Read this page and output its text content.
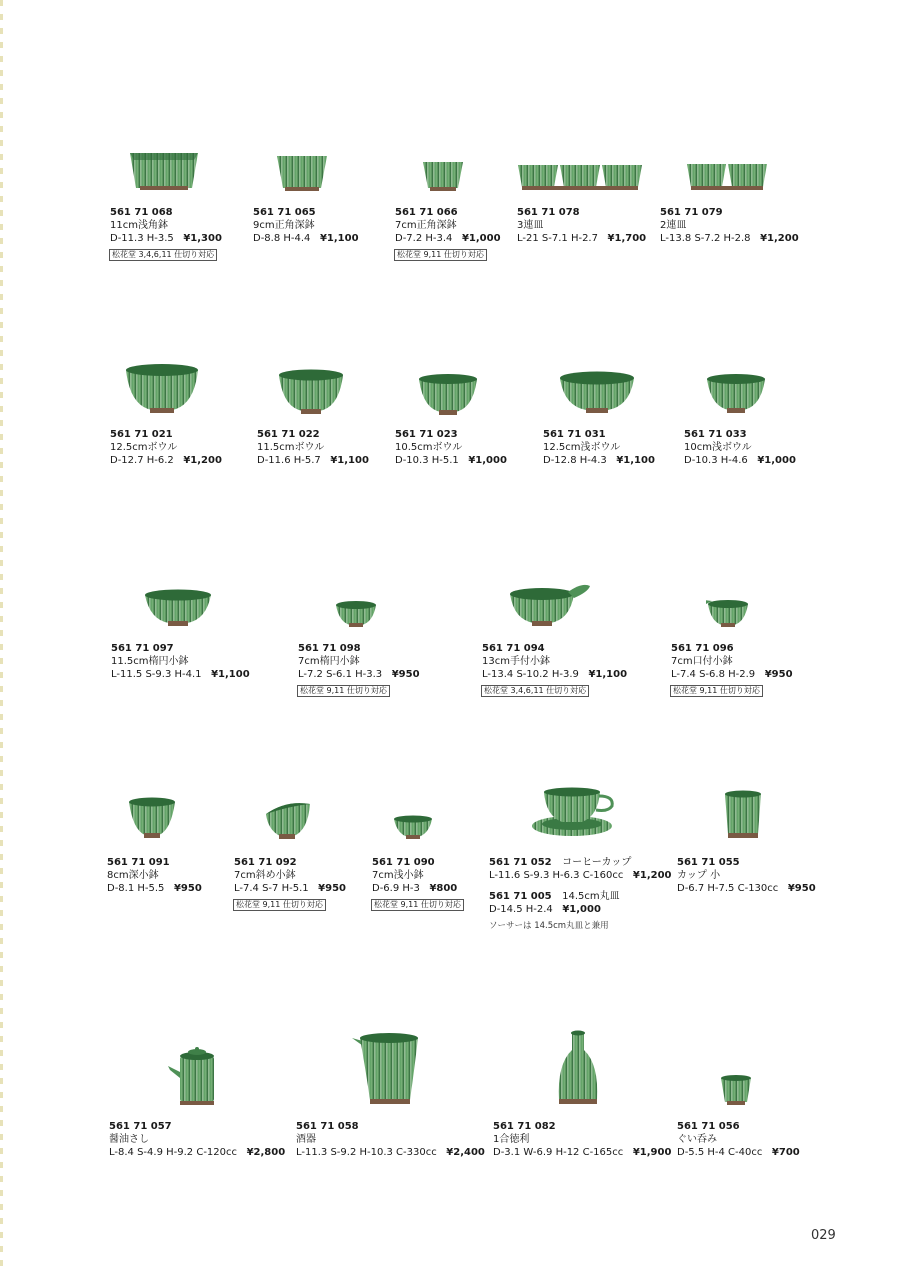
561 71 068
11cm浅角鉢
D-11.3 H-3.5 ¥1,300
松花堂 3,4,6,11 仕切り対応
561 71 065
9cm正角深鉢
D-8.8 H-4.4 ¥1,100
561 71 066
7cm正角深鉢
D-7.2 H-3.4 ¥1,000
松花堂 9,11 仕切り対応
561 71 078
3連皿
L-21 S-7.1 H-2.7 ¥1,700
561 71 079
2連皿
L-13.8 S-7.2 H-2.8 ¥1,200
561 71 021
12.5cmボウル
D-12.7 H-6.2 ¥1,200
561 71 022
11.5cmボウル
D-11.6 H-5.7 ¥1,100
561 71 023
10.5cmボウル
D-10.3 H-5.1 ¥1,000
561 71 031
12.5cm浅ボウル
D-12.8 H-4.3 ¥1,100
561 71 033
10cm浅ボウル
D-10.3 H-4.6 ¥1,000
561 71 097
11.5cm楕円小鉢
L-11.5 S-9.3 H-4.1 ¥1,100
561 71 098
7cm楕円小鉢
L-7.2 S-6.1 H-3.3 ¥950
松花堂 9,11 仕切り対応
561 71 094
13cm手付小鉢
L-13.4 S-10.2 H-3.9 ¥1,100
松花堂 3,4,6,11 仕切り対応
561 71 096
7cm口付小鉢
L-7.4 S-6.8 H-2.9 ¥950
松花堂 9,11 仕切り対応
561 71 091
8cm深小鉢
D-8.1 H-5.5 ¥950
561 71 092
7cm斜め小鉢
L-7.4 S-7 H-5.1 ¥950
松花堂 9,11 仕切り対応
561 71 090
7cm浅小鉢
D-6.9 H-3 ¥800
松花堂 9,11 仕切り対応
561 71 052 コーヒーカップ
L-11.6 S-9.3 H-6.3 C-160cc ¥1,200
561 71 005 14.5cm丸皿
D-14.5 H-2.4 ¥1,000
ソーサーは 14.5cm丸皿と兼用
561 71 055
カップ 小
D-6.7 H-7.5 C-130cc ¥950
561 71 057
醤油さし
L-8.4 S-4.9 H-9.2 C-120cc ¥2,800
561 71 058
酒器
L-11.3 S-9.2 H-10.3 C-330cc ¥2,400
561 71 082
1合徳利
D-3.1 W-6.9 H-12 C-165cc ¥1,900
561 71 056
ぐい呑み
D-5.5 H-4 C-40cc ¥700
029
